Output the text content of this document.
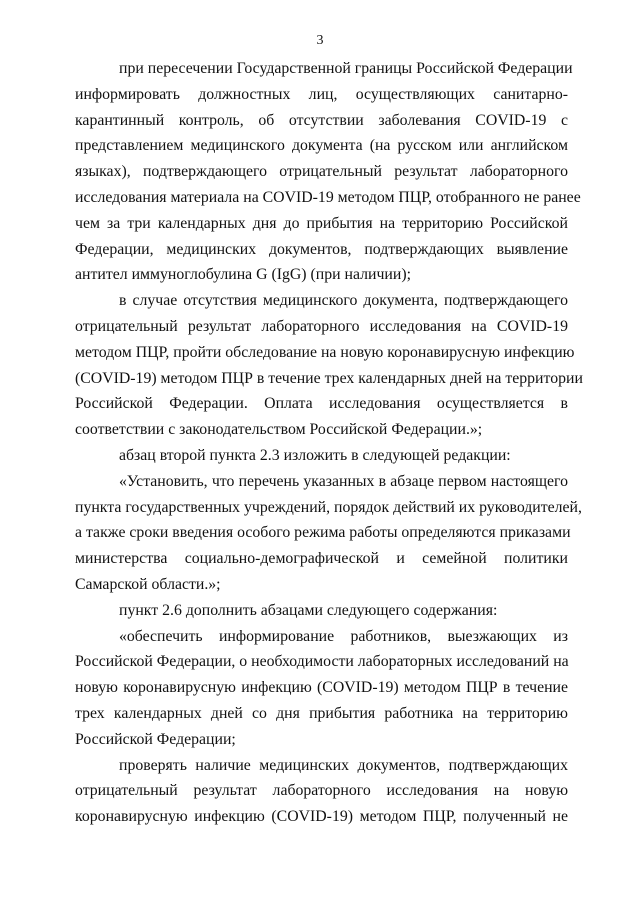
3
при пересечении Государственной границы Российской Федерации
информировать должностных лиц, осуществляющих санитарно-
карантинный контроль, об отсутствии заболевания COVID-19 с
представлением медицинского документа (на русском или английском
языках), подтверждающего отрицательный результат лабораторного
исследования материала на COVID-19 методом ПЦР, отобранного не ранее
чем за три календарных дня до прибытия на территорию Российской
Федерации, медицинских документов, подтверждающих выявление
антител иммуноглобулина G (IgG) (при наличии);
в случае отсутствия медицинского документа, подтверждающего
отрицательный результат лабораторного исследования на COVID-19
методом ПЦР, пройти обследование на новую коронавирусную инфекцию
(COVID-19) методом ПЦР в течение трех календарных дней на территории
Российской Федерации. Оплата исследования осуществляется в
соответствии с законодательством Российской Федерации.»;
абзац второй пункта 2.3 изложить в следующей редакции:
«Установить, что перечень указанных в абзаце первом настоящего
пункта государственных учреждений, порядок действий их руководителей,
а также сроки введения особого режима работы определяются приказами
министерства социально-демографической и семейной политики
Самарской области.»;
пункт 2.6 дополнить абзацами следующего содержания:
«обеспечить информирование работников, выезжающих из
Российской Федерации, о необходимости лабораторных исследований на
новую коронавирусную инфекцию (COVID-19) методом ПЦР в течение
трех календарных дней со дня прибытия работника на территорию
Российской Федерации;
проверять наличие медицинских документов, подтверждающих
отрицательный результат лабораторного исследования на новую
коронавирусную инфекцию (COVID-19) методом ПЦР, полученный не
